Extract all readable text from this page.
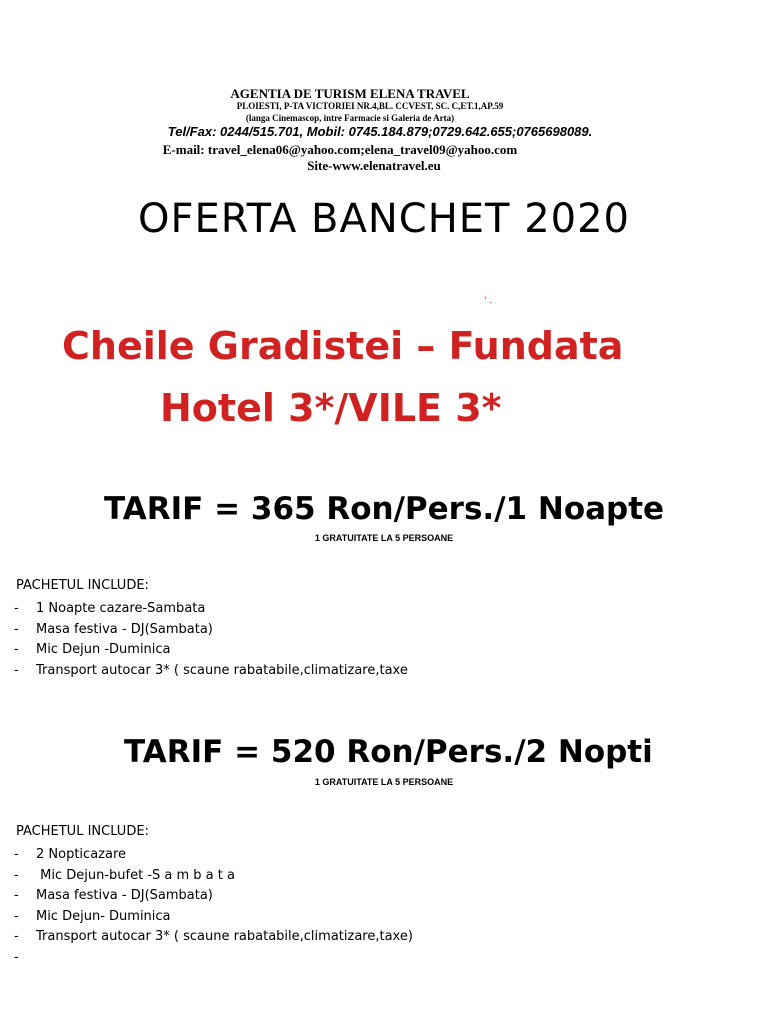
AGENTIA DE TURISM ELENA TRAVEL
PLOIESTI, P-TA VICTORIEI NR.4,BL. CCVEST, SC. C,ET.1,AP.59
(langa Cinemascop, intre Farmacie si Galeria de Arta)
Tel/Fax: 0244/515.701, Mobil: 0745.184.879;0729.642.655;0765698089.
E-mail: travel_elena06@yahoo.com;elena_travel09@yahoo.com
Site-www.elenatravel.eu
OFERTA BANCHET 2020
' .
Cheile Gradistei – Fundata
Hotel 3*/VILE 3*
TARIF = 365 Ron/Pers./1 Noapte
1 GRATUITATE LA 5 PERSOANE
PACHETUL INCLUDE:
- 1 Noapte cazare-Sambata
- Masa festiva - DJ(Sambata)
- Mic Dejun -Duminica
- Transport autocar 3* ( scaune rabatabile,climatizare,taxe
TARIF = 520 Ron/Pers./2 Nopti
1 GRATUITATE LA 5 PERSOANE
PACHETUL INCLUDE:
- 2 Nopticazare
- Mic Dejun-bufet -S a m b a t a
- Masa festiva - DJ(Sambata)
- Mic Dejun- Duminica
- Transport autocar 3* ( scaune rabatabile,climatizare,taxe)
-
